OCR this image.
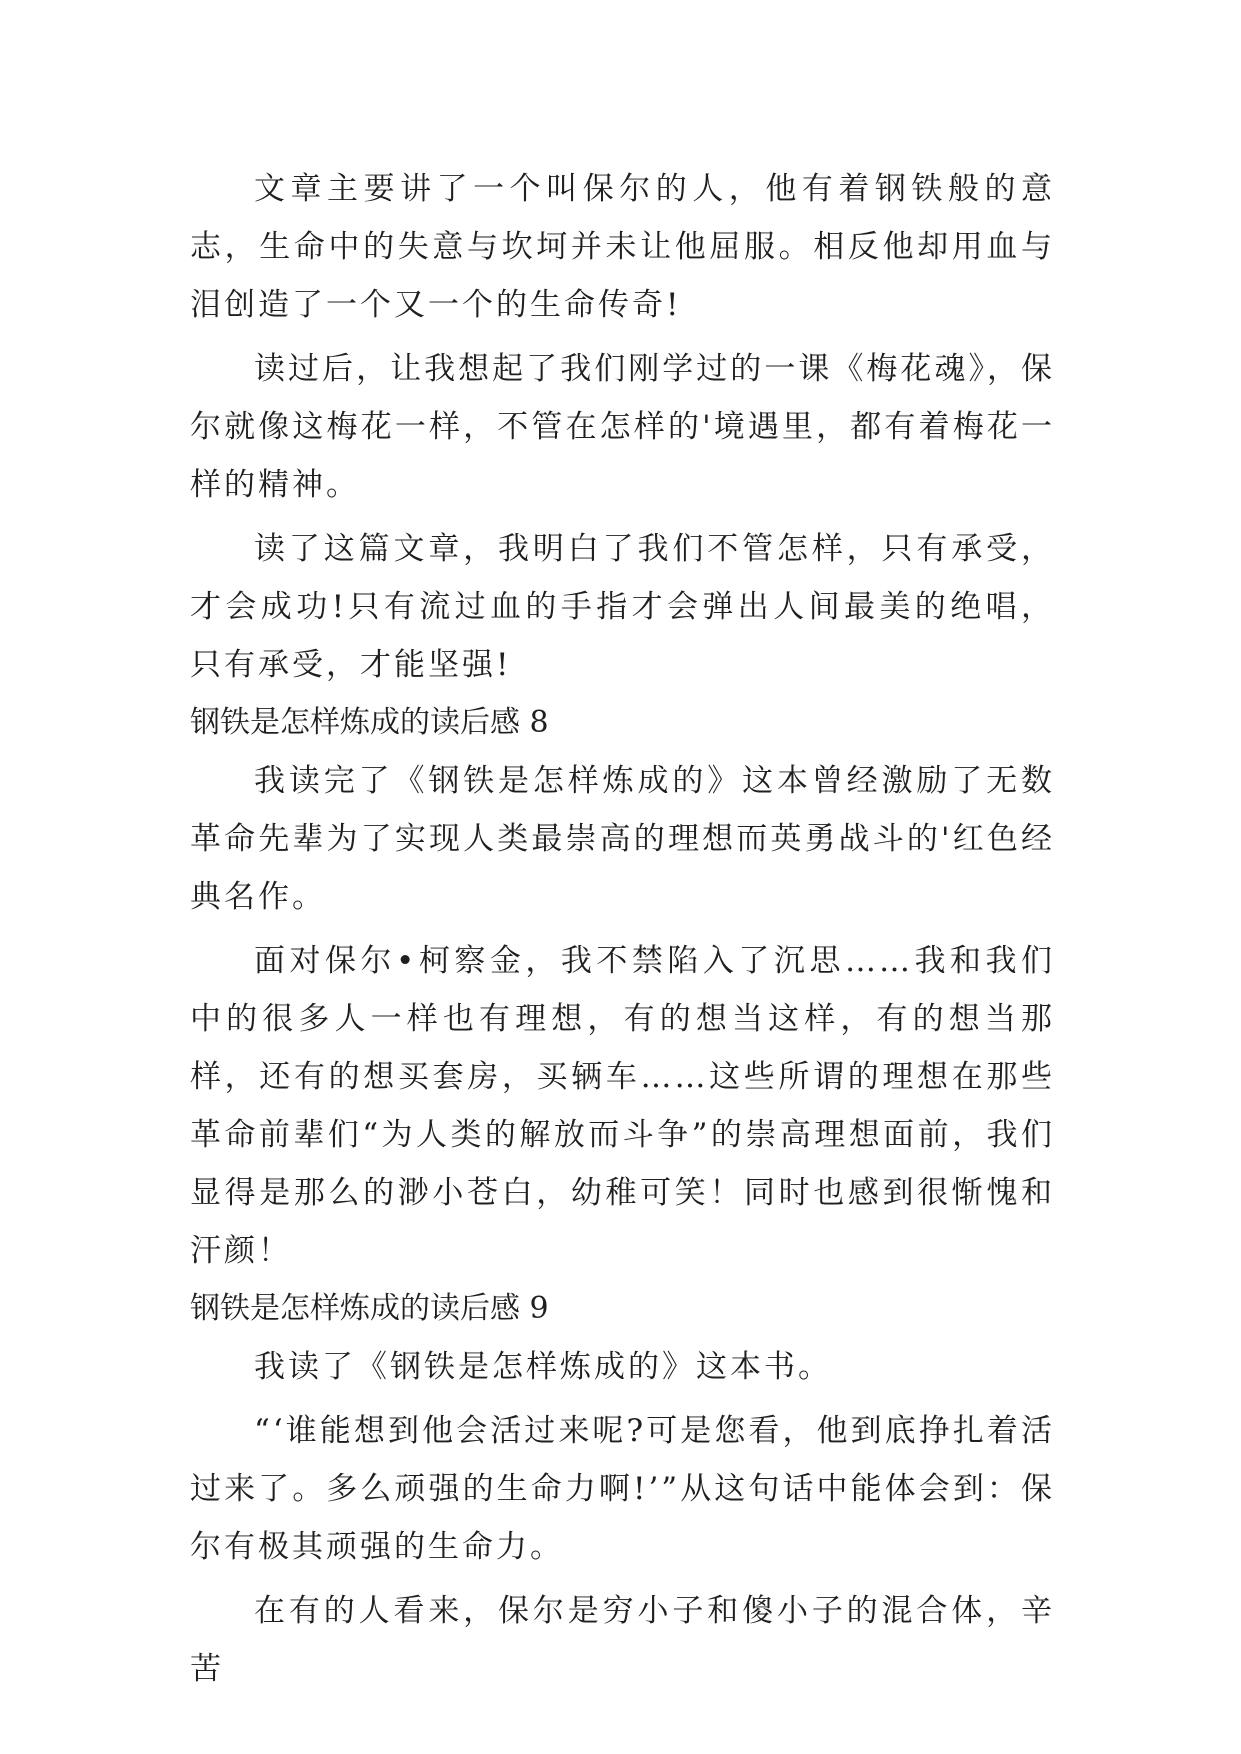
文章主要讲了一个叫保尔的人，他有着钢铁般的意志，生命中的失意与坎坷并未让他屈服。相反他却用血与泪创造了一个又一个的生命传奇!

读过后，让我想起了我们刚学过的一课《梅花魂》，保尔就像这梅花一样，不管在怎样的'境遇里，都有着梅花一样的精神。

读了这篇文章，我明白了我们不管怎样，只有承受，才会成功!只有流过血的手指才会弹出人间最美的绝唱，只有承受，才能坚强!

钢铁是怎样炼成的读后感 8

我读完了《钢铁是怎样炼成的》这本曾经激励了无数革命先辈为了实现人类最崇高的理想而英勇战斗的'红色经典名作。

面对保尔•柯察金，我不禁陷入了沉思……我和我们中的很多人一样也有理想，有的想当这样，有的想当那样，还有的想买套房，买辆车……这些所谓的理想在那些革命前辈们“为人类的解放而斗争”的崇高理想面前，我们显得是那么的渺小苍白，幼稚可笑！同时也感到很惭愧和汗颜！

钢铁是怎样炼成的读后感 9

我读了《钢铁是怎样炼成的》这本书。

“‘谁能想到他会活过来呢?可是您看，他到底挣扎着活过来了。多么顽强的生命力啊!’”从这句话中能体会到：保尔有极其顽强的生命力。

在有的人看来，保尔是穷小子和傻小子的混合体，辛苦
